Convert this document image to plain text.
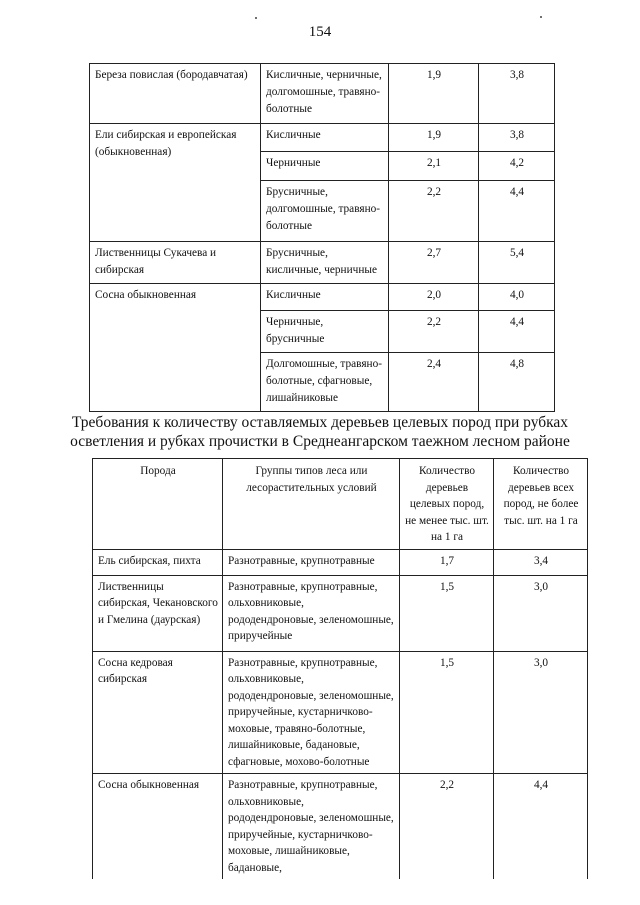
154
Береза повислая (бородавчатая)	Кисличные, черничные, долгомошные, травяно-болотные	1,9	3,8
Ели сибирская и европейская (обыкновенная)	Кисличные	1,9	3,8
	Черничные	2,1	4,2
	Брусничные, долгомошные, травяно-болотные	2,2	4,4
Лиственницы Сукачева и сибирская	Брусничные, кисличные, черничные	2,7	5,4
Сосна обыкновенная	Кисличные	2,0	4,0
	Черничные, брусничные	2,2	4,4
	Долгомошные, травяно-болотные, сфагновые, лишайниковые	2,4	4,8
Требования к количеству оставляемых деревьев целевых пород при рубках осветления и рубках прочистки в Среднеангарском таежном лесном районе
Порода	Группы типов леса или лесорастительных условий	Количество деревьев целевых пород, не менее тыс. шт. на 1 га	Количество деревьев всех пород, не более тыс. шт. на 1 га
Ель сибирская, пихта	Разнотравные, крупнотравные	1,7	3,4
Лиственницы сибирская, Чекановского и Гмелина (даурская)	Разнотравные, крупнотравные, ольховниковые, рододендроновые, зеленомошные, приручейные	1,5	3,0
Сосна кедровая сибирская	Разнотравные, крупнотравные, ольховниковые, рододендроновые, зеленомошные, приручейные, кустарничково-моховые, травяно-болотные, лишайниковые, бадановые, сфагновые, мохово-болотные	1,5	3,0
Сосна обыкновенная	Разнотравные, крупнотравные, ольховниковые, рододендроновые, зеленомошные, приручейные, кустарничково-моховые, лишайниковые, бадановые,	2,2	4,4
